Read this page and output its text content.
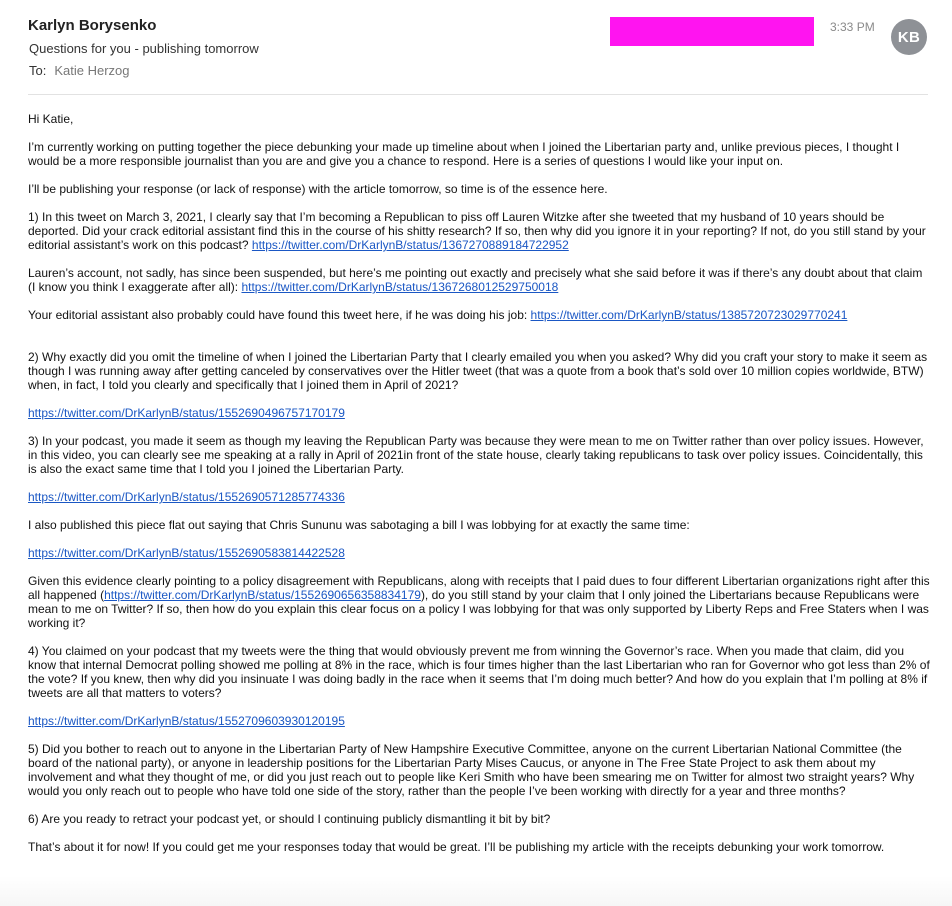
Karlyn Borysenko
Questions for you - publishing tomorrow
To: Katie Herzog
3:33 PM
KB

Hi Katie,

I’m currently working on putting together the piece debunking your made up timeline about when I joined the Libertarian party and, unlike previous pieces, I thought I would be a more responsible journalist than you are and give you a chance to respond. Here is a series of questions I would like your input on.

I’ll be publishing your response (or lack of response) with the article tomorrow, so time is of the essence here.

1) In this tweet on March 3, 2021, I clearly say that I’m becoming a Republican to piss off Lauren Witzke after she tweeted that my husband of 10 years should be deported. Did your crack editorial assistant find this in the course of his shitty research? If so, then why did you ignore it in your reporting? If not, do you still stand by your editorial assistant’s work on this podcast? https://twitter.com/DrKarlynB/status/1367270889184722952

Lauren’s account, not sadly, has since been suspended, but here’s me pointing out exactly and precisely what she said before it was if there’s any doubt about that claim (I know you think I exaggerate after all): https://twitter.com/DrKarlynB/status/1367268012529750018

Your editorial assistant also probably could have found this tweet here, if he was doing his job: https://twitter.com/DrKarlynB/status/1385720723029770241

2) Why exactly did you omit the timeline of when I joined the Libertarian Party that I clearly emailed you when you asked? Why did you craft your story to make it seem as though I was running away after getting canceled by conservatives over the Hitler tweet (that was a quote from a book that’s sold over 10 million copies worldwide, BTW) when, in fact, I told you clearly and specifically that I joined them in April of 2021?

https://twitter.com/DrKarlynB/status/1552690496757170179

3) In your podcast, you made it seem as though my leaving the Republican Party was because they were mean to me on Twitter rather than over policy issues. However, in this video, you can clearly see me speaking at a rally in April of 2021in front of the state house, clearly taking republicans to task over policy issues. Coincidentally, this is also the exact same time that I told you I joined the Libertarian Party.

https://twitter.com/DrKarlynB/status/1552690571285774336

I also published this piece flat out saying that Chris Sununu was sabotaging a bill I was lobbying for at exactly the same time:

https://twitter.com/DrKarlynB/status/1552690583814422528

Given this evidence clearly pointing to a policy disagreement with Republicans, along with receipts that I paid dues to four different Libertarian organizations right after this all happened (https://twitter.com/DrKarlynB/status/1552690656358834179), do you still stand by your claim that I only joined the Libertarians because Republicans were mean to me on Twitter? If so, then how do you explain this clear focus on a policy I was lobbying for that was only supported by Liberty Reps and Free Staters when I was working it?

4) You claimed on your podcast that my tweets were the thing that would obviously prevent me from winning the Governor’s race. When you made that claim, did you know that internal Democrat polling showed me polling at 8% in the race, which is four times higher than the last Libertarian who ran for Governor who got less than 2% of the vote? If you knew, then why did you insinuate I was doing badly in the race when it seems that I’m doing much better? And how do you explain that I’m polling at 8% if tweets are all that matters to voters?

https://twitter.com/DrKarlynB/status/1552709603930120195

5) Did you bother to reach out to anyone in the Libertarian Party of New Hampshire Executive Committee, anyone on the current Libertarian National Committee (the board of the national party), or anyone in leadership positions for the Libertarian Party Mises Caucus, or anyone in The Free State Project to ask them about my involvement and what they thought of me, or did you just reach out to people like Keri Smith who have been smearing me on Twitter for almost two straight years? Why would you only reach out to people who have told one side of the story, rather than the people I’ve been working with directly for a year and three months?

6) Are you ready to retract your podcast yet, or should I continuing publicly dismantling it bit by bit?

That’s about it for now! If you could get me your responses today that would be great. I’ll be publishing my article with the receipts debunking your work tomorrow.
